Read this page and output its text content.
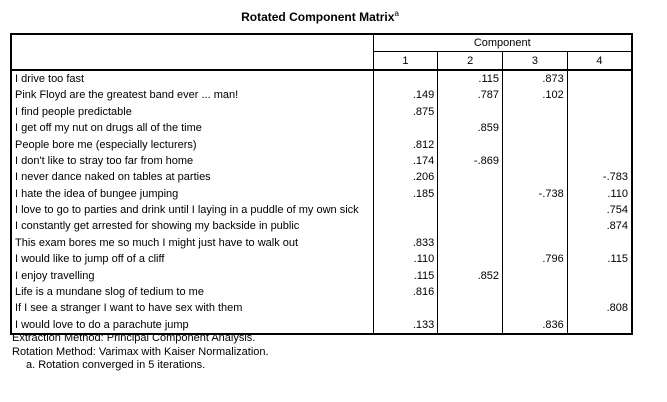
Rotated Component Matrix$^a$
	Component			
	1	2	3	4
I drive too fast		.115	.873	
Pink Floyd are the greatest band ever ... man!	.149	.787	.102	
I find people predictable	.875			
I get off my nut on drugs all of the time		.859		
People bore me (especially lecturers)	.812			
I don't like to stray too far from home	.174	-.869		
I never dance naked on tables at parties	.206			-.783
I hate the idea of bungee jumping	.185		-.738	.110
I love to go to parties and drink until I laying in a puddle of my own sick				.754
I constantly get arrested for showing my backside in public				.874
This exam bores me so much I might just have to walk out	.833			
I would like to jump off of a cliff	.110		.796	.115
I enjoy travelling	.115	.852		
Life is a mundane slog of tedium to me	.816			
If I see a stranger I want to have sex with them				.808
I would love to do a parachute jump	.133		.836	
Extraction Method: Principal Component Analysis.
Rotation Method: Varimax with Kaiser Normalization.
a. Rotation converged in 5 iterations.
